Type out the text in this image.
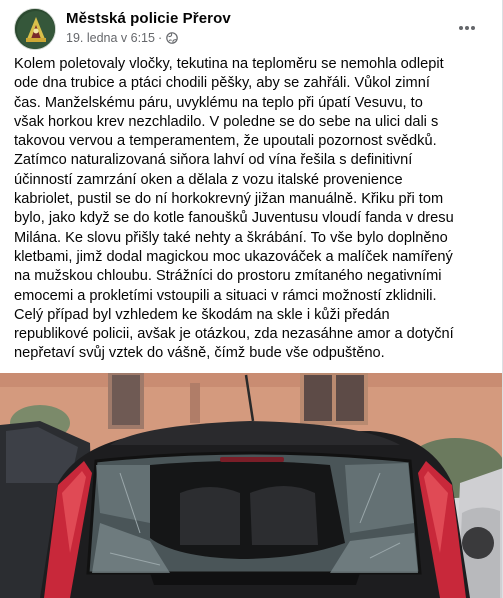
Městská policie Přerov
19. ledna v 6:15 ·
Kolem poletovaly vločky, tekutina na teploměru se nemohla odlepit
ode dna trubice a ptáci chodili pěšky, aby se zahřáli. Vůkol zimní
čas. Manželskému páru, uvyklému na teplo při úpatí Vesuvu, to
však horkou krev nezchladilo. V poledne se do sebe na ulici dali s
takovou vervou a temperamentem, že upoutali pozornost svědků.
Zatímco naturalizovaná siňora lahví od vína řešila s definitivní
účinností zamrzání oken a dělala z vozu italské provenience
kabriolet, pustil se do ní horkokrevný jižan manuálně. Křiku při tom
bylo, jako když se do kotle fanoušků Juventusu vloudí fanda v dresu
Milána. Ke slovu přišly také nehty a škrábání. To vše bylo doplněno
kletbami, jimž dodal magickou moc ukazováček a malíček namířený
na mužskou chloubu. Strážníci do prostoru zmítaného negativními
emocemi a prokletími vstoupili a situaci v rámci možností zklidnili.
Celý případ byl vzhledem ke škodám na skle i kůži předán
republikové policii, avšak je otázkou, zda nezasáhne amor a dotyční
nepřetaví svůj vztek do vášně, čímž bude vše odpuštěno.
